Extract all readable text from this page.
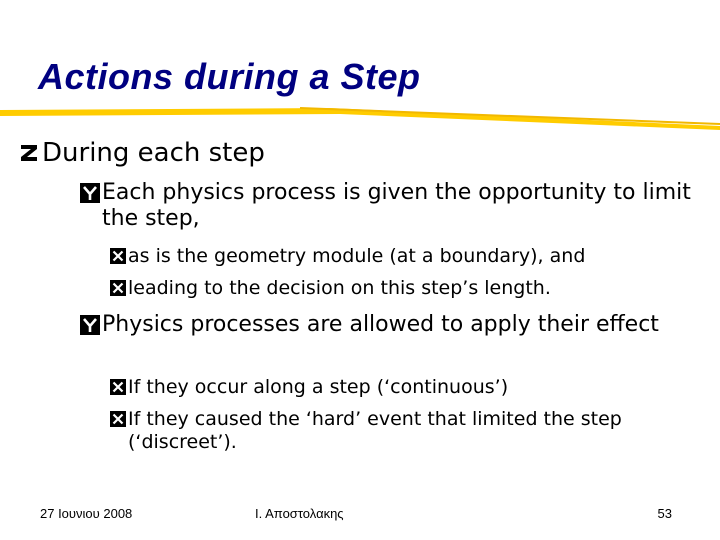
Actions during a Step
During each step
Each physics process is given the opportunity to limit the step,
as is the geometry module (at a boundary), and
leading to the decision on this step’s length.
Physics processes are allowed to apply their effect
If they occur along a step (‘continuous’)
If they caused the ‘hard’ event that limited the step (‘discreet’).
27 Ιουνιου 2008	Ι. Αποστολακης	53
